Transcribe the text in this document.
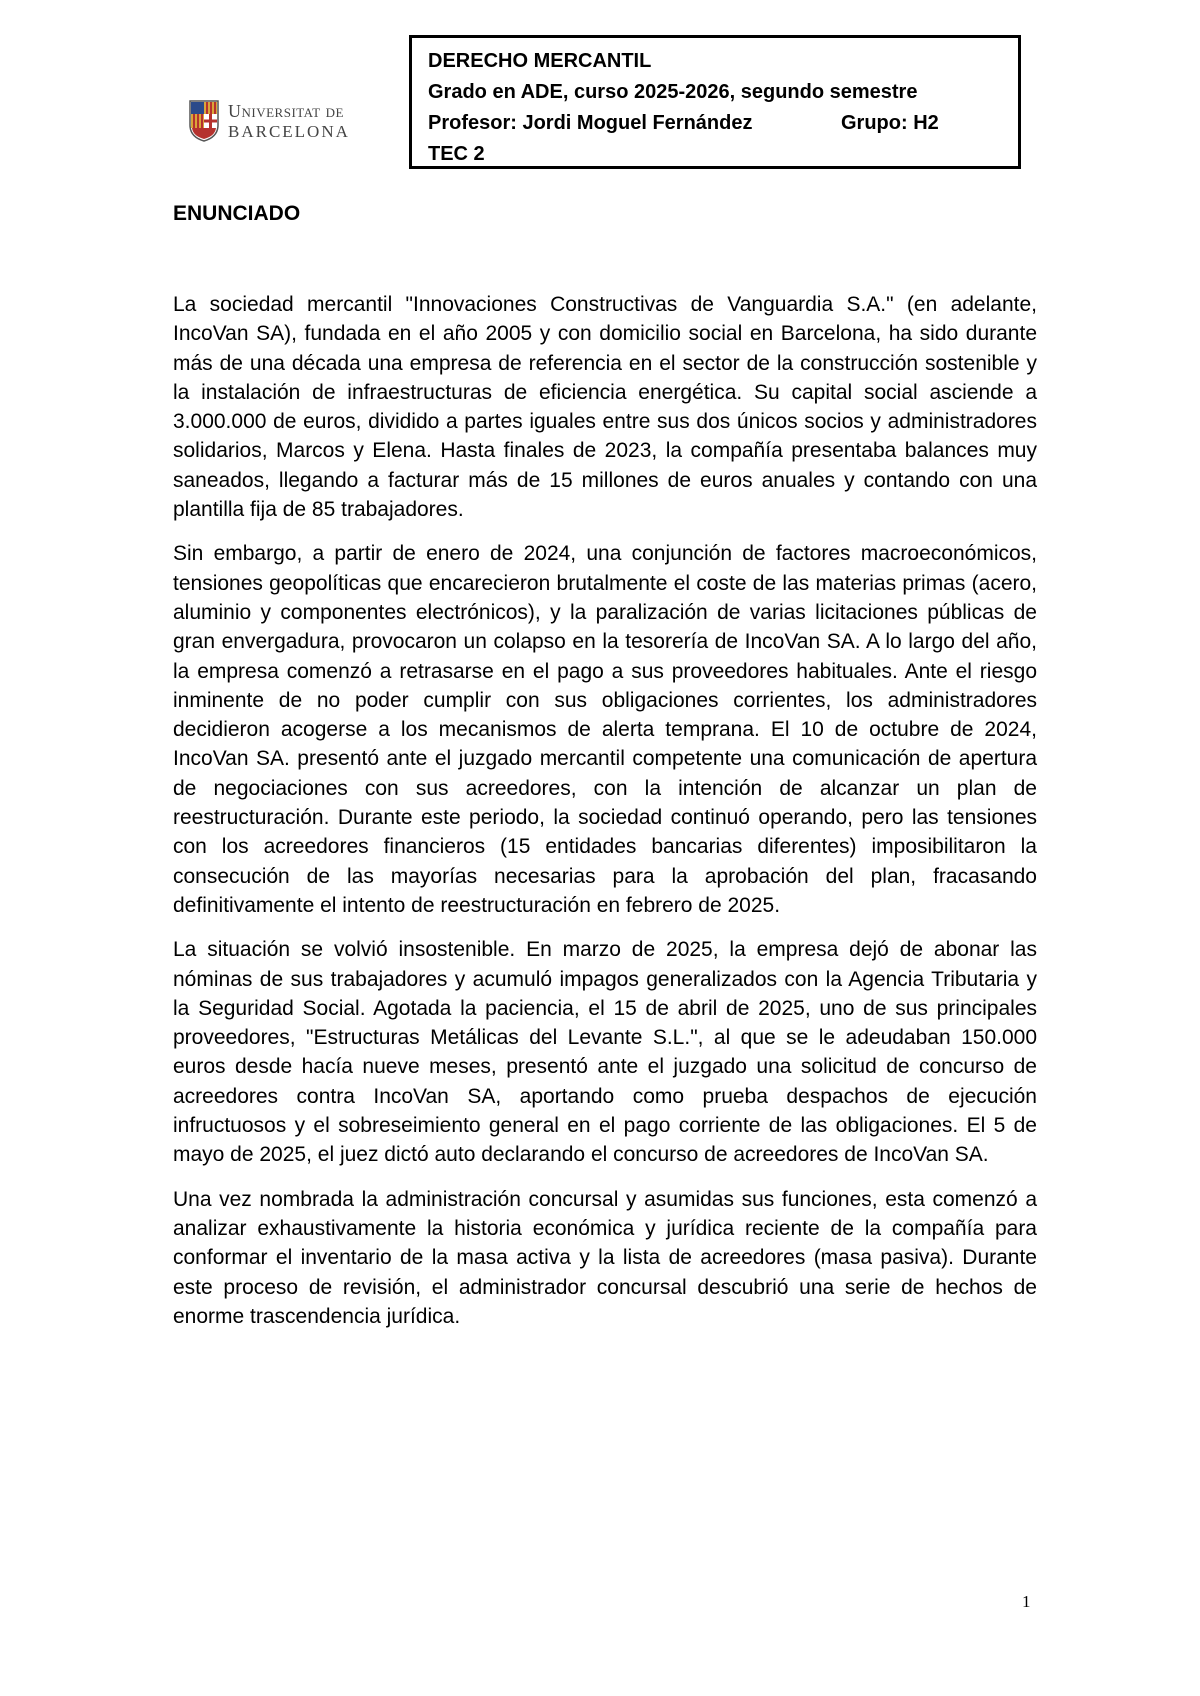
Universitat de
BARCELONA
DERECHO MERCANTIL
Grado en ADE, curso 2025-2026, segundo semestre
Profesor: Jordi Moguel Fernández	Grupo: H2
TEC 2
ENUNCIADO

La sociedad mercantil "Innovaciones Constructivas de Vanguardia S.A." (en adelante, IncoVan SA), fundada en el año 2005 y con domicilio social en Barcelona, ha sido durante más de una década una empresa de referencia en el sector de la construcción sostenible y la instalación de infraestructuras de eficiencia energética. Su capital social asciende a 3.000.000 de euros, dividido a partes iguales entre sus dos únicos socios y administradores solidarios, Marcos y Elena. Hasta finales de 2023, la compañía presentaba balances muy saneados, llegando a facturar más de 15 millones de euros anuales y contando con una plantilla fija de 85 trabajadores.

Sin embargo, a partir de enero de 2024, una conjunción de factores macroeconómicos, tensiones geopolíticas que encarecieron brutalmente el coste de las materias primas (acero, aluminio y componentes electrónicos), y la paralización de varias licitaciones públicas de gran envergadura, provocaron un colapso en la tesorería de IncoVan SA. A lo largo del año, la empresa comenzó a retrasarse en el pago a sus proveedores habituales. Ante el riesgo inminente de no poder cumplir con sus obligaciones corrientes, los administradores decidieron acogerse a los mecanismos de alerta temprana. El 10 de octubre de 2024, IncoVan SA. presentó ante el juzgado mercantil competente una comunicación de apertura de negociaciones con sus acreedores, con la intención de alcanzar un plan de reestructuración. Durante este periodo, la sociedad continuó operando, pero las tensiones con los acreedores financieros (15 entidades bancarias diferentes) imposibilitaron la consecución de las mayorías necesarias para la aprobación del plan, fracasando definitivamente el intento de reestructuración en febrero de 2025.

La situación se volvió insostenible. En marzo de 2025, la empresa dejó de abonar las nóminas de sus trabajadores y acumuló impagos generalizados con la Agencia Tributaria y la Seguridad Social. Agotada la paciencia, el 15 de abril de 2025, uno de sus principales proveedores, "Estructuras Metálicas del Levante S.L.", al que se le adeudaban 150.000 euros desde hacía nueve meses, presentó ante el juzgado una solicitud de concurso de acreedores contra IncoVan SA, aportando como prueba despachos de ejecución infructuosos y el sobreseimiento general en el pago corriente de las obligaciones. El 5 de mayo de 2025, el juez dictó auto declarando el concurso de acreedores de IncoVan SA.

Una vez nombrada la administración concursal y asumidas sus funciones, esta comenzó a analizar exhaustivamente la historia económica y jurídica reciente de la compañía para conformar el inventario de la masa activa y la lista de acreedores (masa pasiva). Durante este proceso de revisión, el administrador concursal descubrió una serie de hechos de enorme trascendencia jurídica.

1
